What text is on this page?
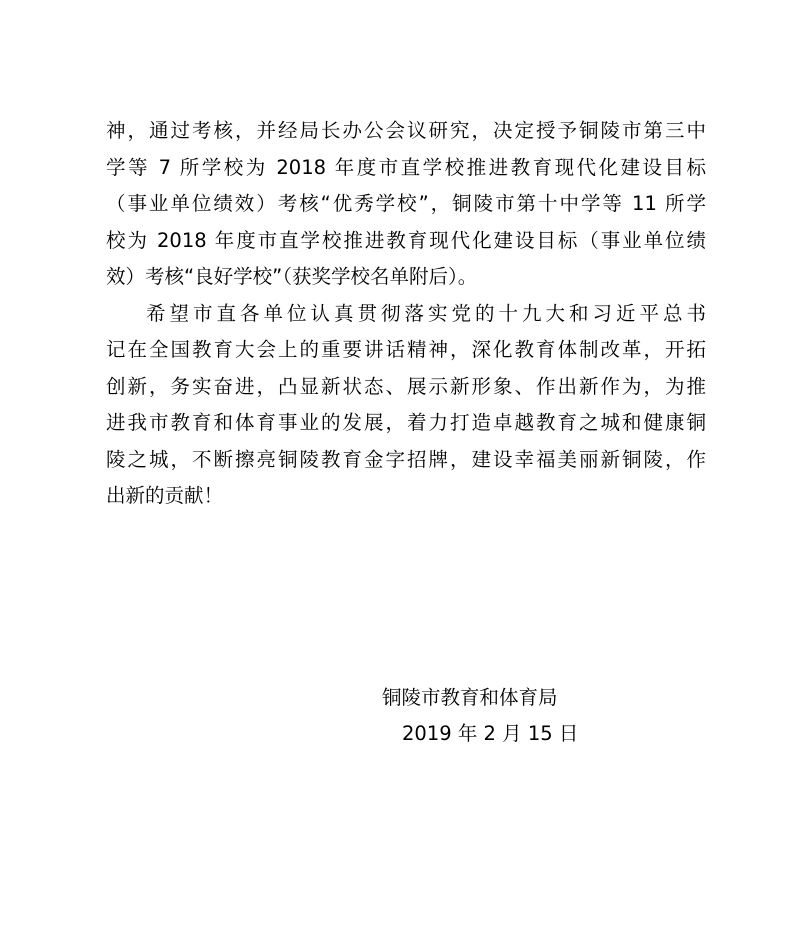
神，通过考核，并经局长办公会议研究，决定授予铜陵市第三中
学等 7 所学校为 2018 年度市直学校推进教育现代化建设目标
（事业单位绩效）考核“优秀学校”，铜陵市第十中学等 11 所学
校为 2018 年度市直学校推进教育现代化建设目标（事业单位绩
效）考核“良好学校”（获奖学校名单附后）。
希望市直各单位认真贯彻落实党的十九大和习近平总书
记在全国教育大会上的重要讲话精神，深化教育体制改革，开拓
创新，务实奋进，凸显新状态、展示新形象、作出新作为，为推
进我市教育和体育事业的发展，着力打造卓越教育之城和健康铜
陵之城，不断擦亮铜陵教育金字招牌，建设幸福美丽新铜陵，作
出新的贡献！
铜陵市教育和体育局
2019 年 2 月 15 日
